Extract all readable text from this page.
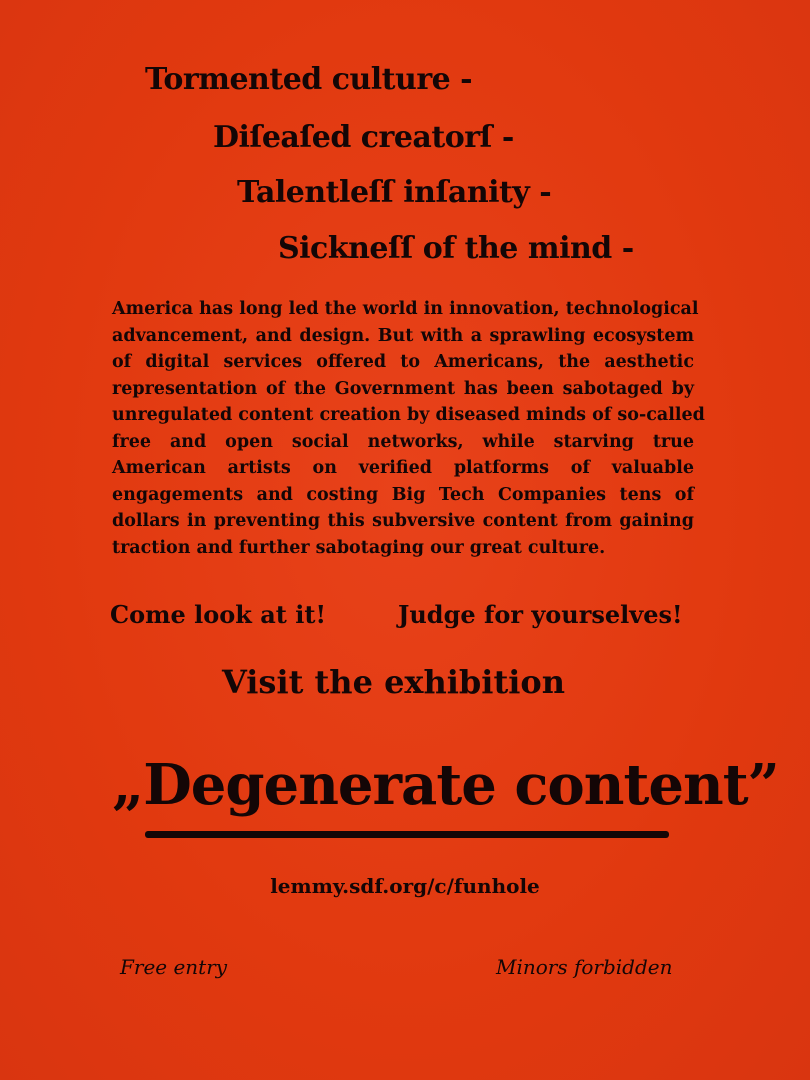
Tormented culture -
Diſeaſed creatorſ -
Talentleſſ inſanity -
Sickneſſ of the mind -
America has long led the world in innovation, technological
advancement, and design. But with a sprawling ecosystem
of digital services offered to Americans, the aesthetic
representation of the Government has been sabotaged by
unregulated content creation by diseased minds of so-called
free and open social networks, while starving true
American artists on verified platforms of valuable
engagements and costing Big Tech Companies tens of
dollars in preventing this subversive content from gaining
traction and further sabotaging our great culture.
Come look at it!	Judge for yourselves!
Visit the exhibition
„Degenerate content”
lemmy.sdf.org/c/funhole
Free entry	Minors forbidden
